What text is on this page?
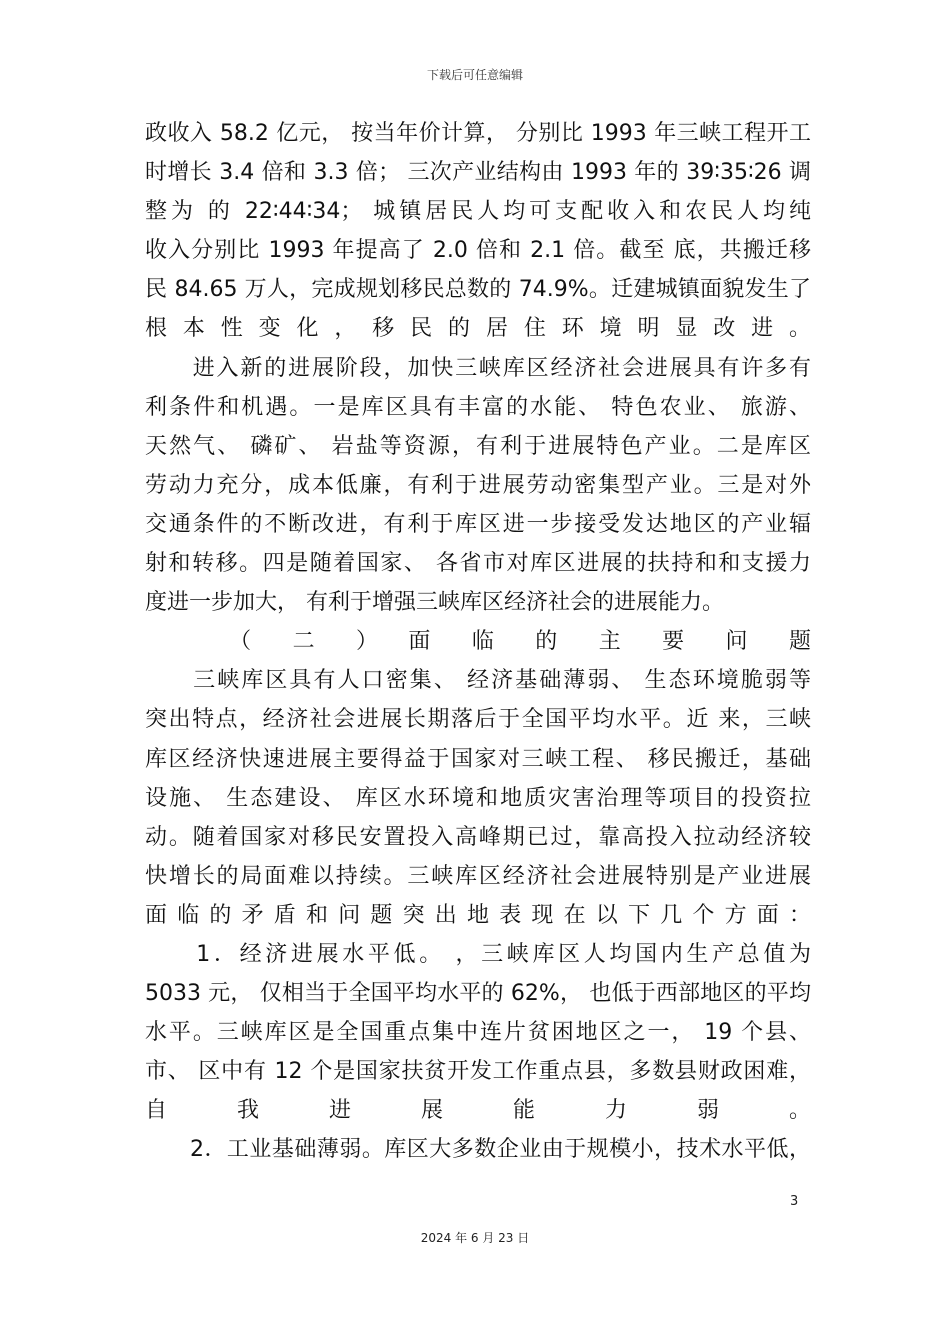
下载后可任意编辑
政收入 58.2 亿元， 按当年价计算， 分别比 1993 年三峡工程开工
时增长 3.4 倍和 3.3 倍； 三次产业结构由 1993 年的 39∶35∶26 调
整为 的 22∶44∶34； 城镇居民人均可支配收入和农民人均纯
收入分别比 1993 年提高了 2.0 倍和 2.1 倍。截至 底，共搬迁移
民 84.65 万人，完成规划移民总数的 74.9%。迁建城镇面貌发生了
根 本 性 变 化 ， 移 民 的 居 住 环 境 明 显 改 进 。
　　进入新的进展阶段，加快三峡库区经济社会进展具有许多有
利条件和机遇。一是库区具有丰富的水能、 特色农业、 旅游、
天然气、 磷矿、 岩盐等资源，有利于进展特色产业。二是库区
劳动力充分，成本低廉，有利于进展劳动密集型产业。三是对外
交通条件的不断改进，有利于库区进一步接受发达地区的产业辐
射和转移。四是随着国家、 各省市对库区进展的扶持和和支援力
度进一步加大， 有利于增强三峡库区经济社会的进展能力。
　　　（　二　）　面　临　的　主　要　问　题
　　三峡库区具有人口密集、 经济基础薄弱、 生态环境脆弱等
突出特点，经济社会进展长期落后于全国平均水平。近 来，三峡
库区经济快速进展主要得益于国家对三峡工程、 移民搬迁，基础
设施、 生态建设、 库区水环境和地质灾害治理等项目的投资拉
动。随着国家对移民安置投入高峰期已过，靠高投入拉动经济较
快增长的局面难以持续。三峡库区经济社会进展特别是产业进展
面 临 的 矛 盾 和 问 题 突 出 地 表 现 在 以 下 几 个 方 面 ：
　　1．经济进展水平低。 ，三峡库区人均国内生产总值为
5033 元， 仅相当于全国平均水平的 62%， 也低于西部地区的平均
水平。三峡库区是全国重点集中连片贫困地区之一， 19 个县、
市、 区中有 12 个是国家扶贫开发工作重点县，多数县财政困难，
自　我　进　展　能　力　弱　。
　　2．工业基础薄弱。库区大多数企业由于规模小，技术水平低，
3
2024 年 6 月 23 日
